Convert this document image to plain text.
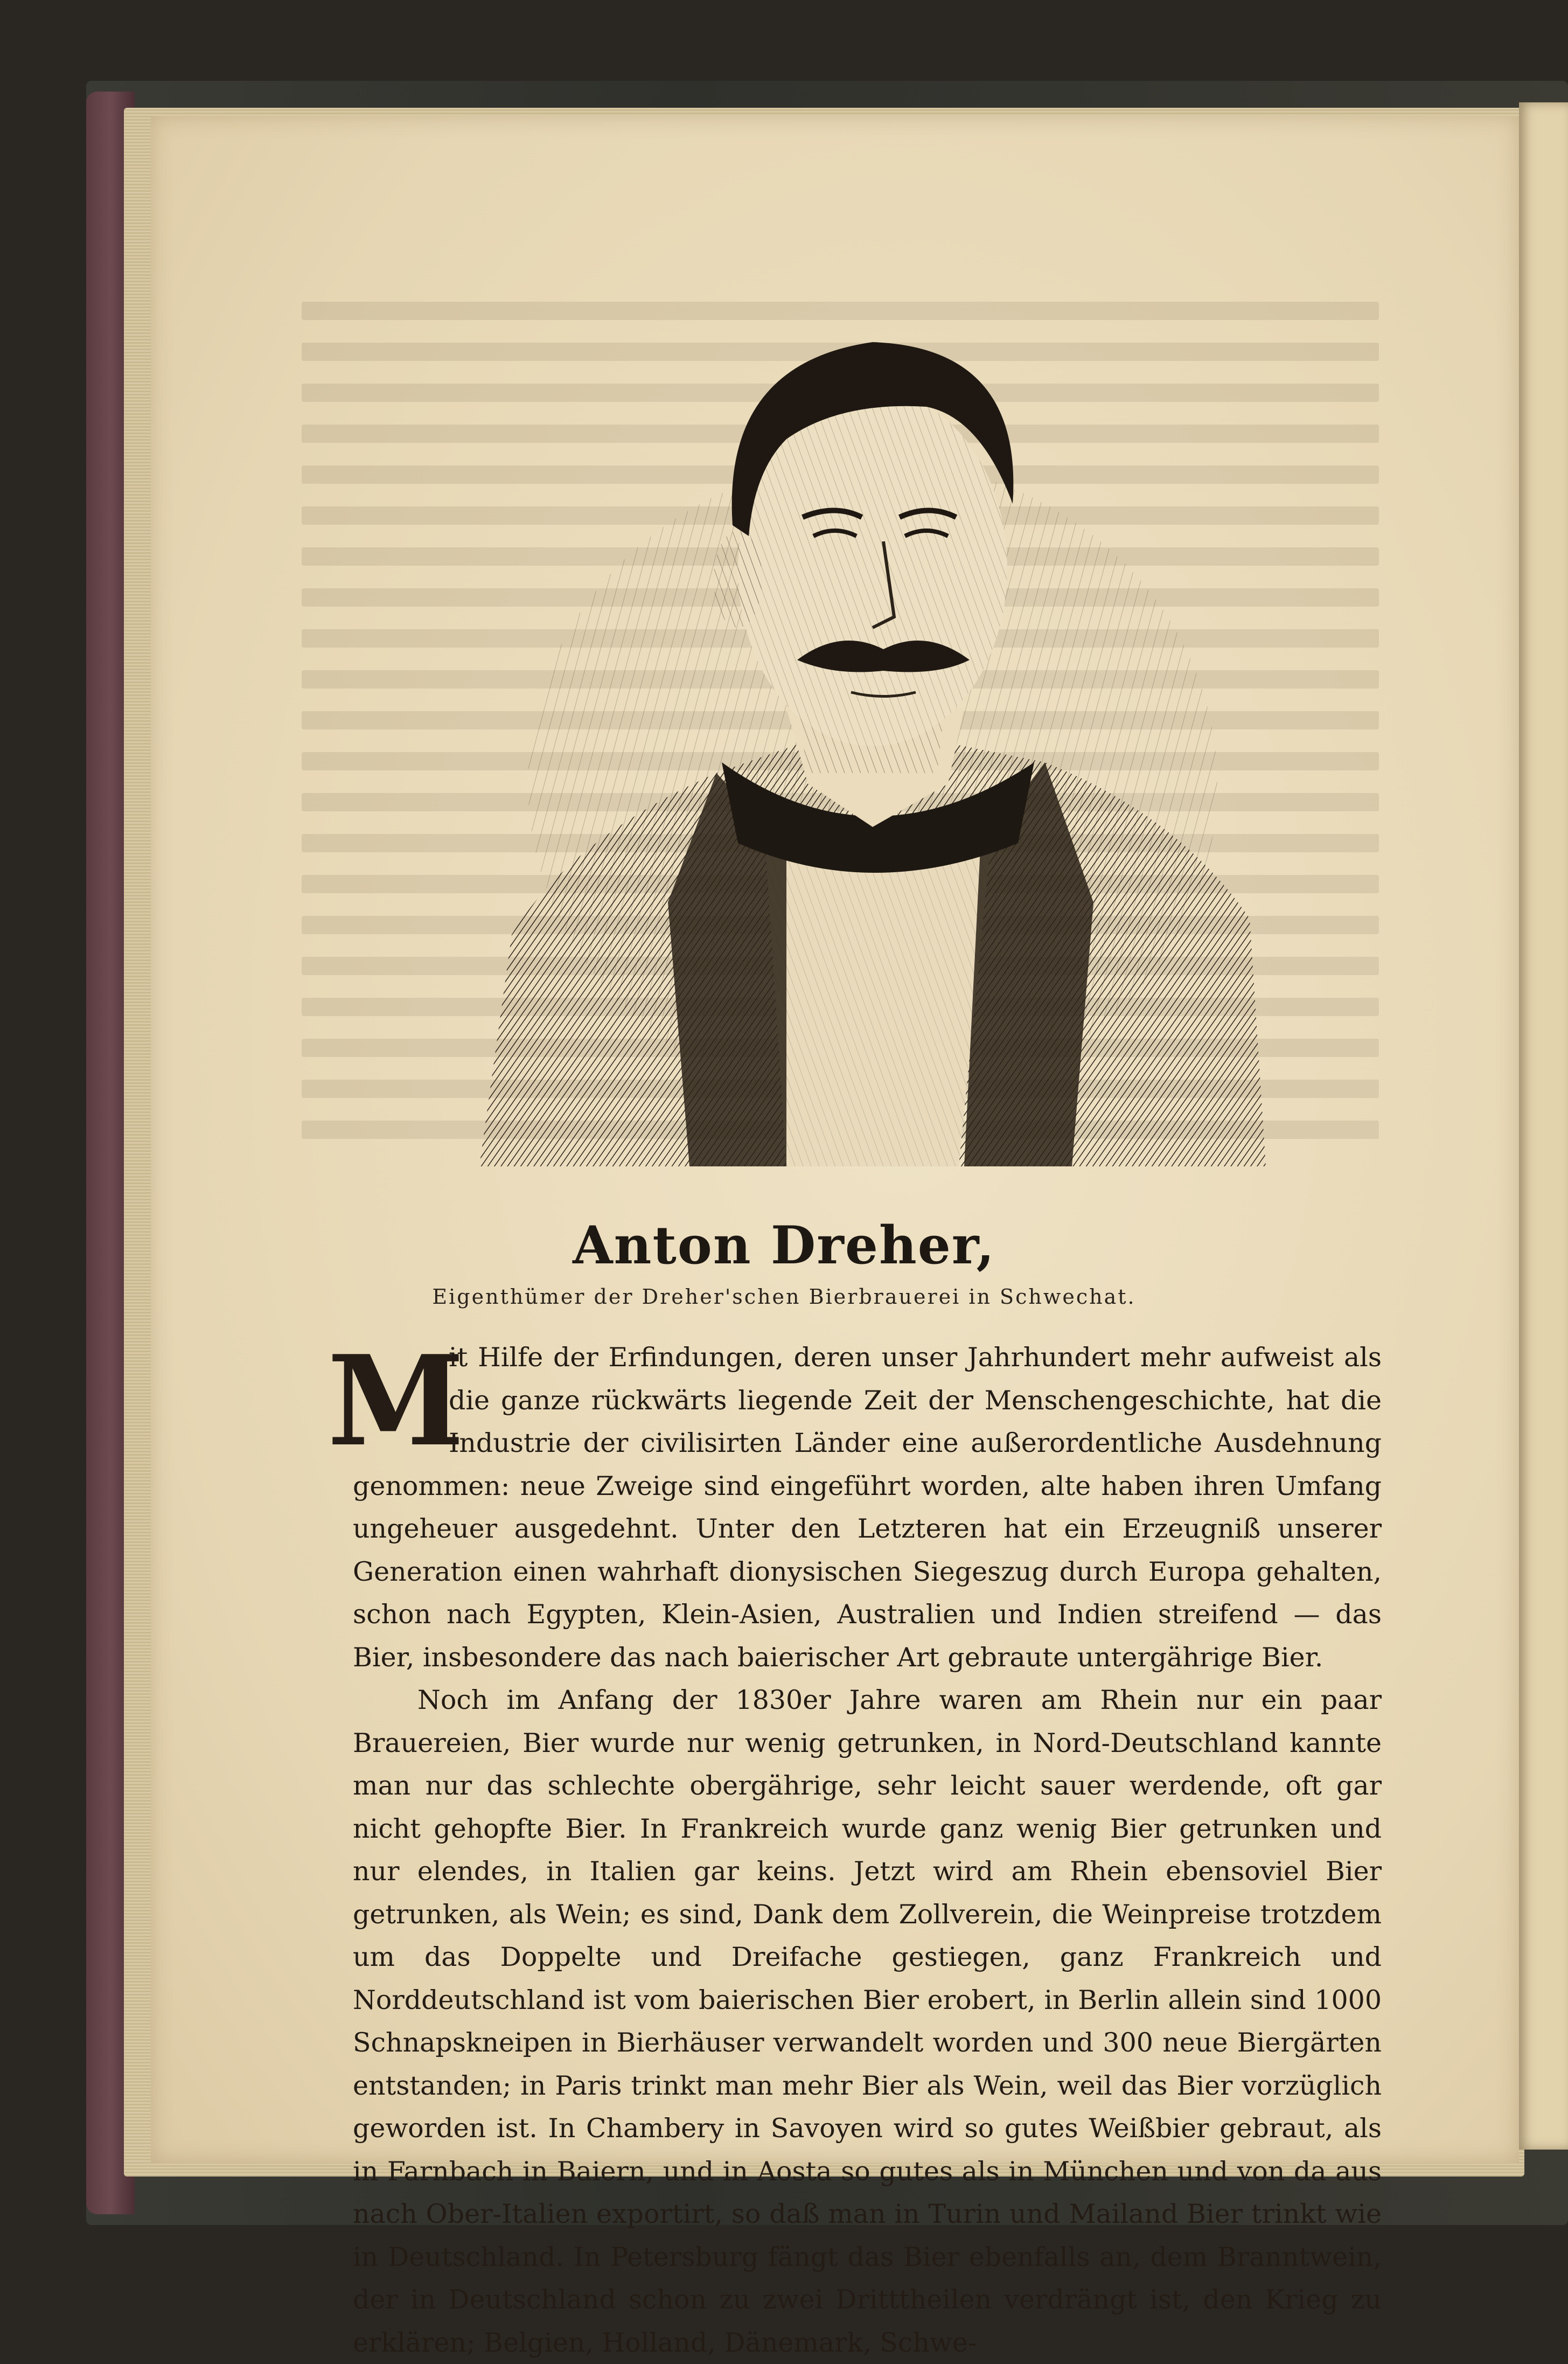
Anton Dreher,
Eigenthümer der Dreher'schen Bierbrauerei in Schwechat.
M

it Hilfe der Erfindungen, deren unser Jahrhundert mehr aufweist als die ganze rückwärts liegende Zeit der Menschengeschichte, hat die Industrie der civilisirten Länder eine außerordentliche Ausdehnung genommen: neue Zweige sind eingeführt worden, alte haben ihren Umfang ungeheuer ausgedehnt. Unter den Letzteren hat ein Erzeugniß unserer Generation einen wahrhaft dionysischen Siegeszug durch Europa gehalten, schon nach Egypten, Klein-Asien, Australien und Indien streifend — das Bier, insbesondere das nach baierischer Art gebraute untergährige Bier.

Noch im Anfang der 1830er Jahre waren am Rhein nur ein paar Brauereien, Bier wurde nur wenig getrunken, in Nord-Deutschland kannte man nur das schlechte obergährige, sehr leicht sauer werdende, oft gar nicht gehopfte Bier. In Frankreich wurde ganz wenig Bier getrunken und nur elendes, in Italien gar keins. Jetzt wird am Rhein ebensoviel Bier getrunken, als Wein; es sind, Dank dem Zollverein, die Weinpreise trotzdem um das Doppelte und Dreifache gestiegen, ganz Frankreich und Norddeutschland ist vom baierischen Bier erobert, in Berlin allein sind 1000 Schnapskneipen in Bierhäuser verwandelt worden und 300 neue Biergärten entstanden; in Paris trinkt man mehr Bier als Wein, weil das Bier vorzüglich geworden ist. In Chambery in Savoyen wird so gutes Weißbier gebraut, als in Farnbach in Baiern, und in Aosta so gutes als in München und von da aus nach Ober-Italien exportirt, so daß man in Turin und Mailand Bier trinkt wie in Deutschland. In Petersburg fängt das Bier ebenfalls an, dem Branntwein, der in Deutschland schon zu zwei Dritttheilen verdrängt ist, den Krieg zu erklären; Belgien, Holland, Dänemark, Schwe-
